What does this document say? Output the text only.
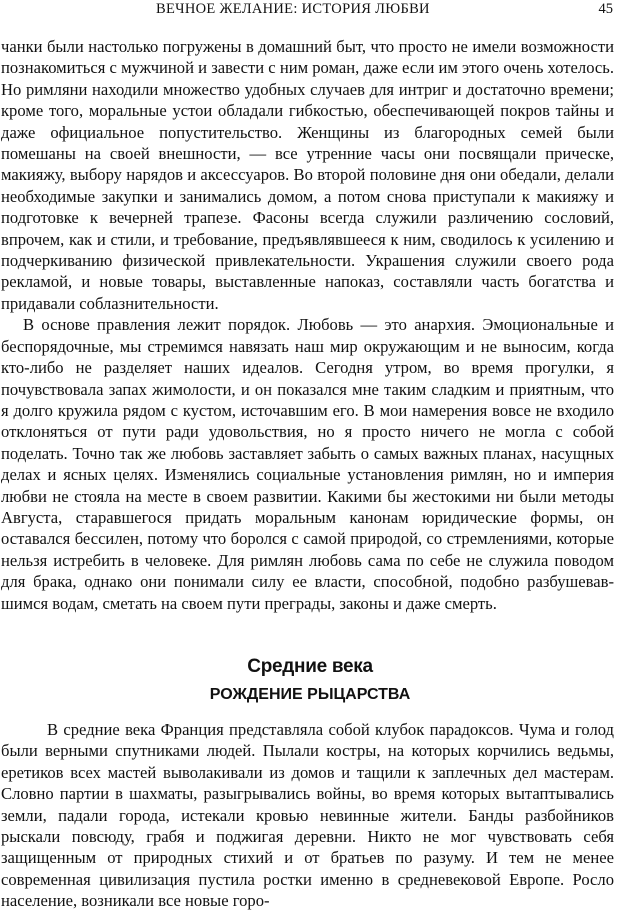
ВЕЧНОЕ ЖЕЛАНИЕ: ИСТОРИЯ ЛЮБВИ	45

чанки были настолько погружены в домашний быт, что просто не имели возможности познакомиться с мужчиной и завести с ним роман, даже если им этого очень хотелось. Но римляни находили множество удобных случаев для интриг и достаточно времени; кроме того, моральные устои обладали гибкостью, обеспечивающей покров тайны и даже официальное попустительство. Женщины из благородных семей были помешаны на своей внешности, — все утренние часы они посвящали прическе, макияжу, выбору нарядов и аксессуаров. Во второй половине дня они обедали, делали необходимые закупки и занимались домом, а потом снова приступали к макияжу и подготовке к вечерней трапезе. Фасоны всегда служили различению сословий, впрочем, как и стили, и требование, предъявлявшееся к ним, сводилось к усилению и подчеркиванию физической привлекательности. Украшения служили своего рода рекламой, и новые товары, выставленные напоказ, составляли часть богатства и придавали соблазнительности.

В основе правления лежит порядок. Любовь — это анархия. Эмоциональные и беспорядочные, мы стремимся навязать наш мир окружающим и не выносим, когда кто-либо не разделяет наших идеалов. Сегодня утром, во время прогулки, я почувствовала запах жимолости, и он показался мне таким сладким и приятным, что я долго кружила рядом с кустом, источавшим его. В мои намерения вовсе не входило отклоняться от пути ради удовольствия, но я просто ничего не могла с собой поделать. Точно так же любовь заставляет забыть о самых важных планах, насущных делах и ясных целях. Изменялись социальные установления римлян, но и империя любви не стояла на месте в своем развитии. Какими бы жестокими ни были методы Августа, старавшегося придать моральным канонам юридические формы, он оставался бессилен, потому что боролся с самой природой, со стремлениями, которые нельзя истребить в человеке. Для римлян любовь сама по себе не служила поводом для брака, однако они понимали силу ее власти, способной, подобно разбушевавшимся водам, сметать на своем пути преграды, законы и даже смерть.

Средние века
РОЖДЕНИЕ РЫЦАРСТВА

В средние века Франция представляла собой клубок парадоксов. Чума и голод были верными спутниками людей. Пылали костры, на которых корчились ведьмы, еретиков всех мастей выволакивали из домов и тащили к заплечных дел мастерам. Словно партии в шахматы, разыгрывались войны, во время которых вытаптывались земли, падали города, истекали кровью невинные жители. Банды разбойников рыскали повсюду, грабя и поджигая деревни. Никто не мог чувствовать себя защищенным от природных стихий и от братьев по разуму. И тем не менее современная цивилизация пустила ростки именно в средневековой Европе. Росло население, возникали все новые горо-
